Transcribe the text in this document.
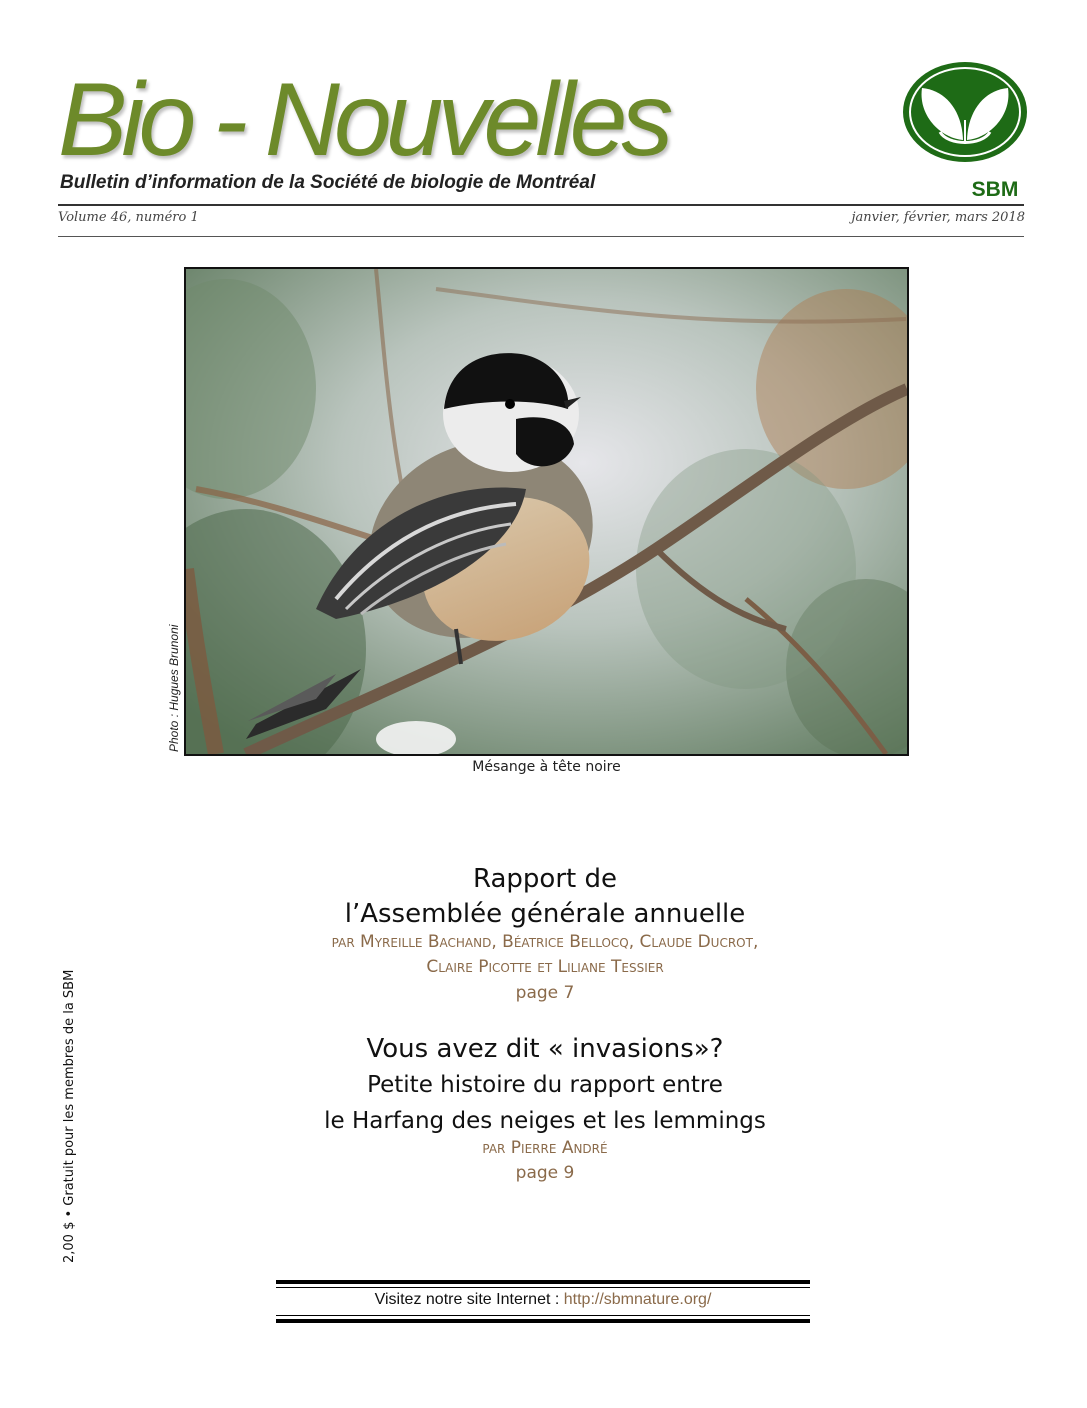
Bio - Nouvelles
Bulletin d’information de la Société de biologie de Montréal	SBM
Volume 46, numéro 1	janvier, février, mars 2018
Photo : Hugues Brunoni
Mésange à tête noire
2,00 $ • Gratuit pour les membres de la SBM
Rapport de
l’Assemblée générale annuelle
par Myreille Bachand, Béatrice Bellocq, Claude Ducrot,
Claire Picotte et Liliane Tessier
page 7
Vous avez dit « invasions»?
Petite histoire du rapport entre
le Harfang des neiges et les lemmings
par Pierre André
page 9
Visitez notre site Internet : http://sbmnature.org/
